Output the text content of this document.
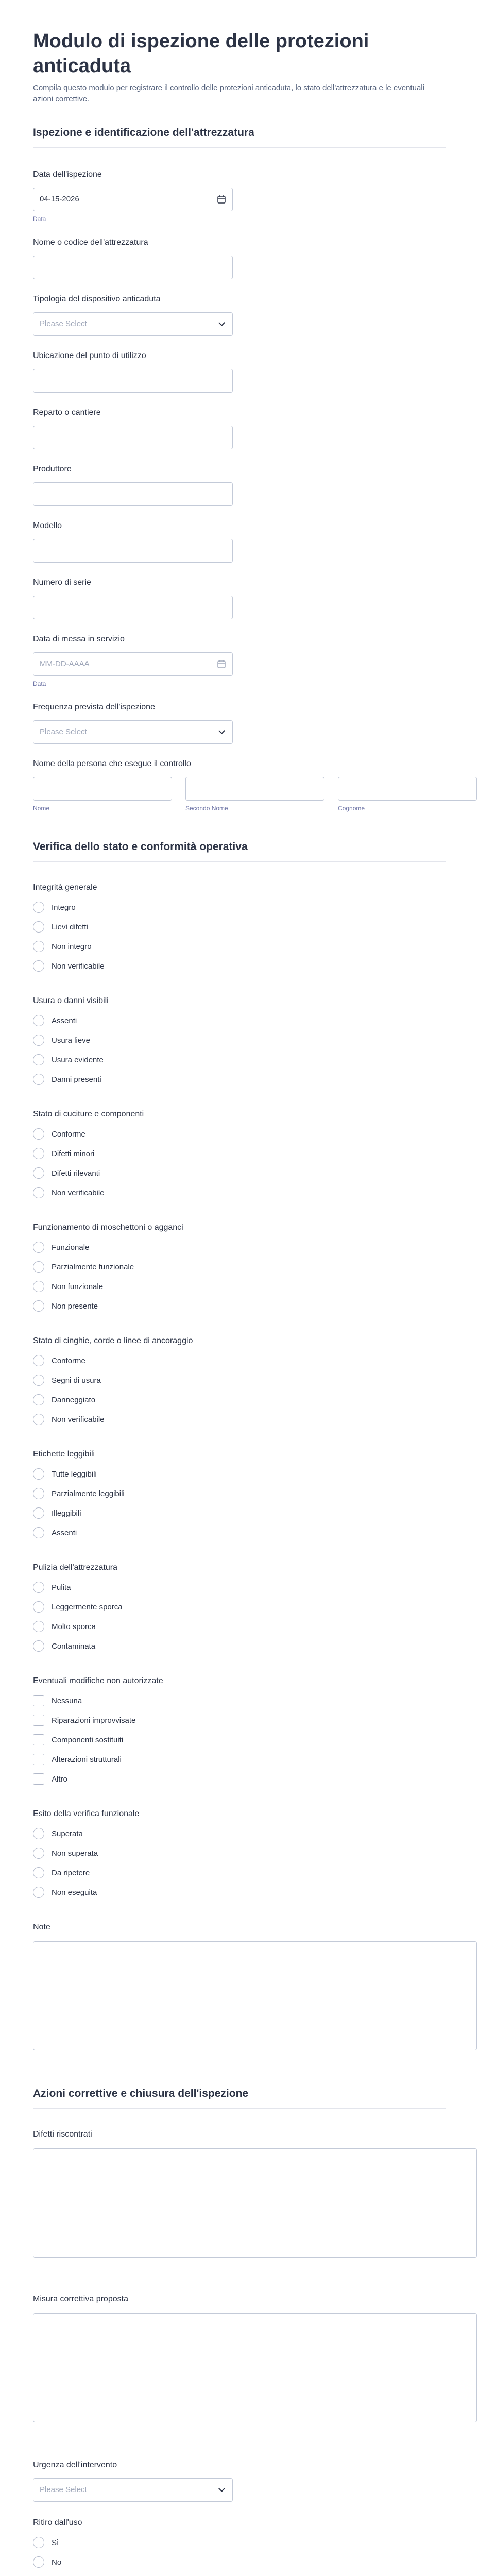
Modulo di ispezione delle protezioni anticaduta
Compila questo modulo per registrare il controllo delle protezioni anticaduta, lo stato dell'attrezzatura e le eventuali azioni correttive.
Ispezione e identificazione dell'attrezzatura
Data dell'ispezione
04-15-2026
Data
Nome o codice dell'attrezzatura
Tipologia del dispositivo anticaduta
Please Select
Ubicazione del punto di utilizzo
Reparto o cantiere
Produttore
Modello
Numero di serie
Data di messa in servizio
MM-DD-AAAA
Data
Frequenza prevista dell'ispezione
Please Select
Nome della persona che esegue il controllo
Nome	Secondo Nome	Cognome
Verifica dello stato e conformità operativa
Integrità generale
Integro
Lievi difetti
Non integro
Non verificabile
Usura o danni visibili
Assenti
Usura lieve
Usura evidente
Danni presenti
Stato di cuciture e componenti
Conforme
Difetti minori
Difetti rilevanti
Non verificabile
Funzionamento di moschettoni o agganci
Funzionale
Parzialmente funzionale
Non funzionale
Non presente
Stato di cinghie, corde o linee di ancoraggio
Conforme
Segni di usura
Danneggiato
Non verificabile
Etichette leggibili
Tutte leggibili
Parzialmente leggibili
Illeggibili
Assenti
Pulizia dell'attrezzatura
Pulita
Leggermente sporca
Molto sporca
Contaminata
Eventuali modifiche non autorizzate
Nessuna
Riparazioni improvvisate
Componenti sostituiti
Alterazioni strutturali
Altro
Esito della verifica funzionale
Superata
Non superata
Da ripetere
Non eseguita
Note
Azioni correttive e chiusura dell'ispezione
Difetti riscontrati
Misura correttiva proposta
Urgenza dell'intervento
Please Select
Ritiro dall'uso
Sì
No
